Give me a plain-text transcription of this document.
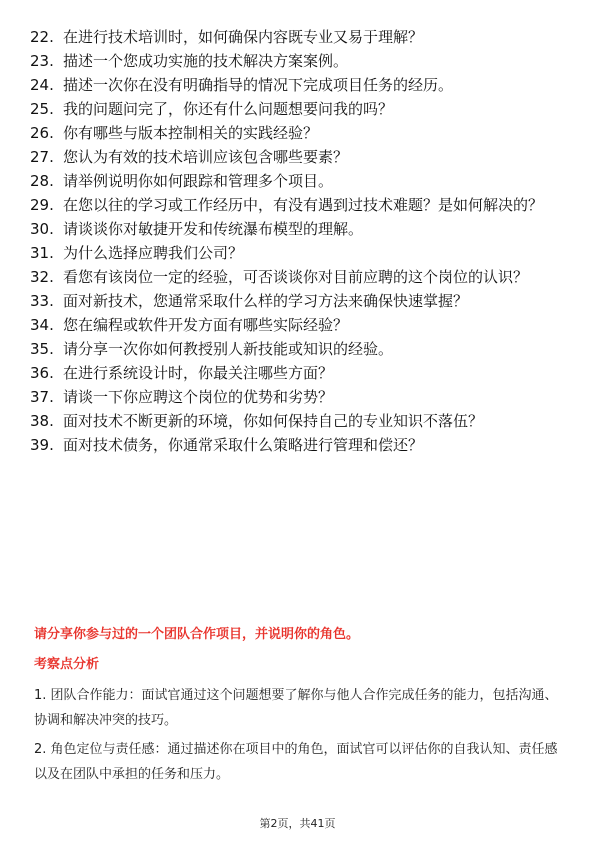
22. 在进行技术培训时，如何确保内容既专业又易于理解？
23. 描述一个您成功实施的技术解决方案案例。
24. 描述一次你在没有明确指导的情况下完成项目任务的经历。
25. 我的问题问完了，你还有什么问题想要问我的吗？
26. 你有哪些与版本控制相关的实践经验？
27. 您认为有效的技术培训应该包含哪些要素？
28. 请举例说明你如何跟踪和管理多个项目。
29. 在您以往的学习或工作经历中，有没有遇到过技术难题？是如何解决的？
30. 请谈谈你对敏捷开发和传统瀑布模型的理解。
31. 为什么选择应聘我们公司？
32. 看您有该岗位一定的经验，可否谈谈你对目前应聘的这个岗位的认识？
33. 面对新技术，您通常采取什么样的学习方法来确保快速掌握？
34. 您在编程或软件开发方面有哪些实际经验？
35. 请分享一次你如何教授别人新技能或知识的经验。
36. 在进行系统设计时，你最关注哪些方面？
37. 请谈一下你应聘这个岗位的优势和劣势？
38. 面对技术不断更新的环境，你如何保持自己的专业知识不落伍？
39. 面对技术债务，你通常采取什么策略进行管理和偿还？
请分享你参与过的一个团队合作项目，并说明你的角色。
考察点分析

1. 团队合作能力：面试官通过这个问题想要了解你与他人合作完成任务的能力，包括沟通、协调和解决冲突的技巧。

2. 角色定位与责任感：通过描述你在项目中的角色，面试官可以评估你的自我认知、责任感以及在团队中承担的任务和压力。

第2页，共41页
